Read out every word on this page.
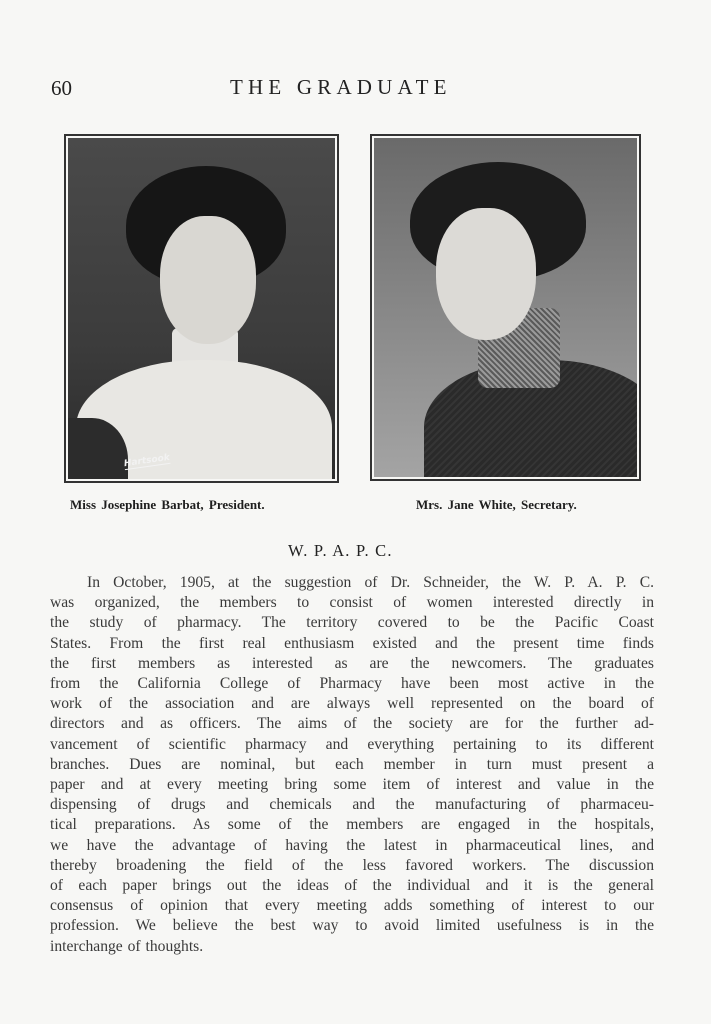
60	THE GRADUATE
Hartsook
Miss Josephine Barbat, President.	Mrs. Jane White, Secretary.
W. P. A. P. C.
In October, 1905, at the suggestion of Dr. Schneider, the W. P. A. P. C.
was organized, the members to consist of women interested directly in
the study of pharmacy. The territory covered to be the Pacific Coast
States. From the first real enthusiasm existed and the present time finds
the first members as interested as are the newcomers. The graduates
from the California College of Pharmacy have been most active in the
work of the association and are always well represented on the board of
directors and as officers. The aims of the society are for the further ad-
vancement of scientific pharmacy and everything pertaining to its different
branches. Dues are nominal, but each member in turn must present a
paper and at every meeting bring some item of interest and value in the
dispensing of drugs and chemicals and the manufacturing of pharmaceu-
tical preparations. As some of the members are engaged in the hospitals,
we have the advantage of having the latest in pharmaceutical lines, and
thereby broadening the field of the less favored workers. The discussion
of each paper brings out the ideas of the individual and it is the general
consensus of opinion that every meeting adds something of interest to our
profession. We believe the best way to avoid limited usefulness is in the
interchange of thoughts.
